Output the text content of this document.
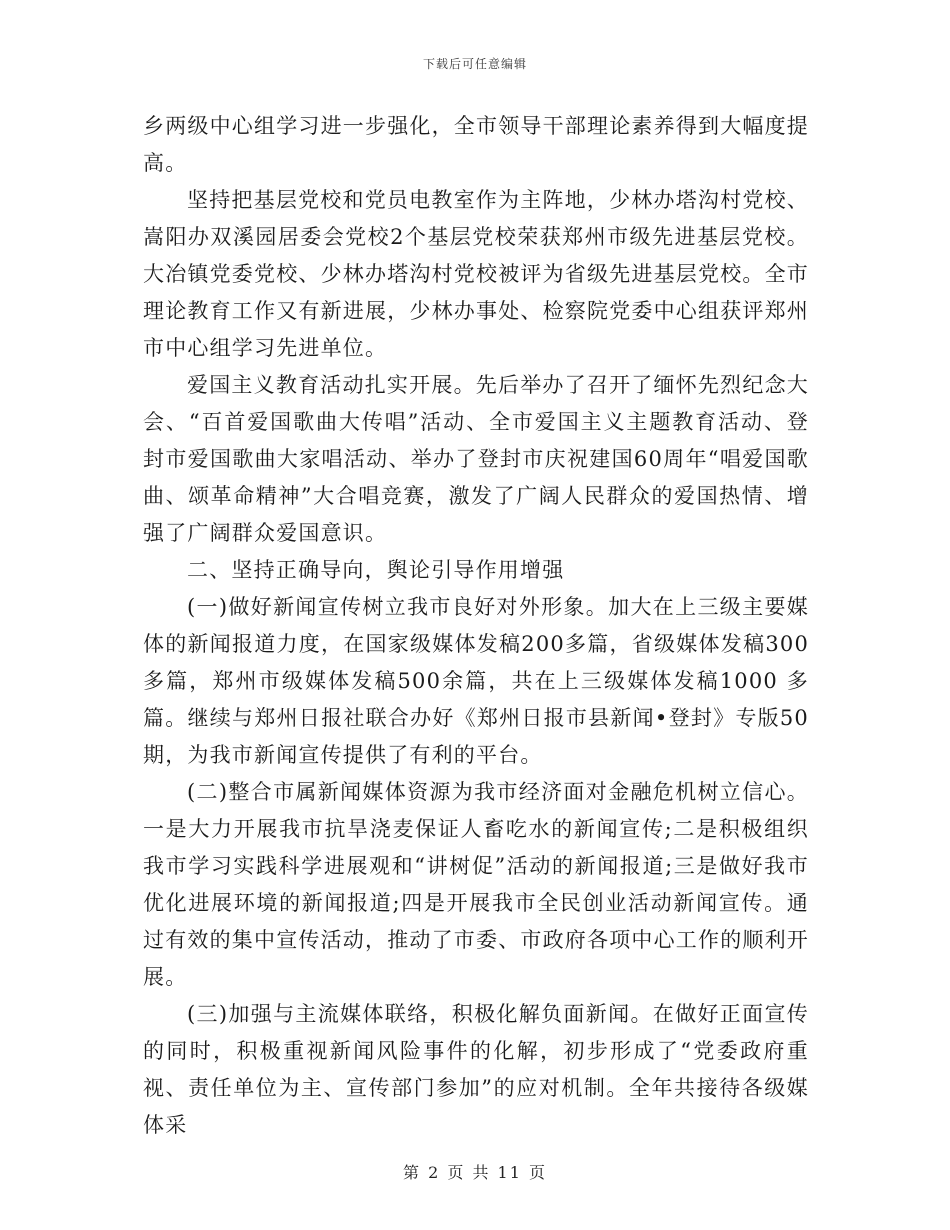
下载后可任意编辑

乡两级中心组学习进一步强化，全市领导干部理论素养得到大幅度提高。

坚持把基层党校和党员电教室作为主阵地，少林办塔沟村党校、嵩阳办双溪园居委会党校2个基层党校荣获郑州市级先进基层党校。大冶镇党委党校、少林办塔沟村党校被评为省级先进基层党校。全市理论教育工作又有新进展，少林办事处、检察院党委中心组获评郑州市中心组学习先进单位。

爱国主义教育活动扎实开展。先后举办了召开了缅怀先烈纪念大会、“百首爱国歌曲大传唱”活动、全市爱国主义主题教育活动、登封市爱国歌曲大家唱活动、举办了登封市庆祝建国60周年“唱爱国歌曲、颂革命精神”大合唱竞赛，激发了广阔人民群众的爱国热情、增强了广阔群众爱国意识。

二、坚持正确导向，舆论引导作用增强

(一)做好新闻宣传树立我市良好对外形象。加大在上三级主要媒体的新闻报道力度，在国家级媒体发稿200多篇，省级媒体发稿300多篇，郑州市级媒体发稿500余篇，共在上三级媒体发稿1000 多篇。继续与郑州日报社联合办好《郑州日报市县新闻•登封》专版50期，为我市新闻宣传提供了有利的平台。

(二)整合市属新闻媒体资源为我市经济面对金融危机树立信心。一是大力开展我市抗旱浇麦保证人畜吃水的新闻宣传;二是积极组织我市学习实践科学进展观和“讲树促”活动的新闻报道;三是做好我市优化进展环境的新闻报道;四是开展我市全民创业活动新闻宣传。通过有效的集中宣传活动，推动了市委、市政府各项中心工作的顺利开展。

(三)加强与主流媒体联络，积极化解负面新闻。在做好正面宣传的同时，积极重视新闻风险事件的化解，初步形成了“党委政府重视、责任单位为主、宣传部门参加”的应对机制。全年共接待各级媒体采

第 2 页 共 11 页
